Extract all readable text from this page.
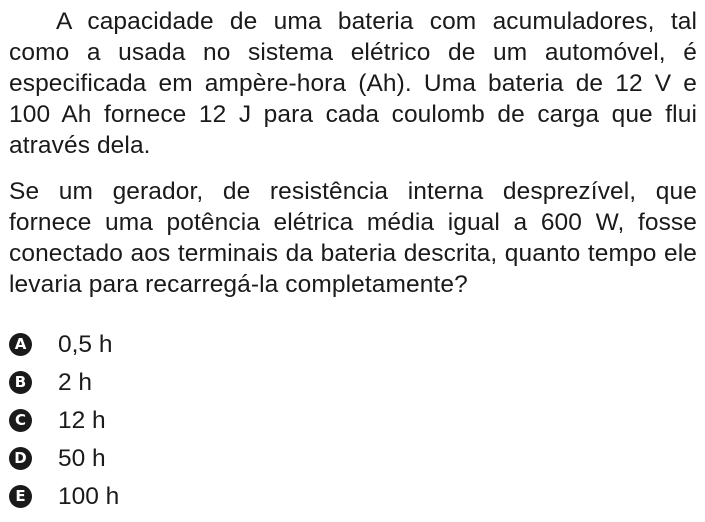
A capacidade de uma bateria com acumuladores, tal como a usada no sistema elétrico de um automóvel, é especificada em ampère-hora (Ah). Uma bateria de 12 V e 100 Ah fornece 12 J para cada coulomb de carga que flui através dela.

Se um gerador, de resistência interna desprezível, que fornece uma potência elétrica média igual a 600 W, fosse conectado aos terminais da bateria descrita, quanto tempo ele levaria para recarregá-la completamente?

A 0,5 h
B 2 h
C 12 h
D 50 h
E 100 h
